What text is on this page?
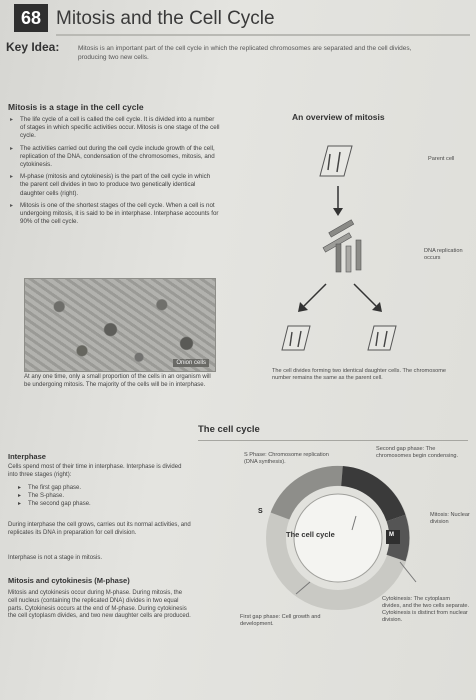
68 Mitosis and the Cell Cycle
Key Idea:	Mitosis is an important part of the cell cycle in which the replicated chromosomes are separated and the cell divides, producing two new cells.
Mitosis is a stage in the cell cycle
▸ The life cycle of a cell is called the cell cycle. It is divided into a number of stages in which specific activities occur. Mitosis is one stage of the cell cycle.
▸ The activities carried out during the cell cycle include growth of the cell, replication of the DNA, condensation of the chromosomes, mitosis, and cytokinesis.
▸ M-phase (mitosis and cytokinesis) is the part of the cell cycle in which the parent cell divides in two to produce two genetically identical daughter cells (right).
▸ Mitosis is one of the shortest stages of the cell cycle. When a cell is not undergoing mitosis, it is said to be in interphase. Interphase accounts for 90% of the cell cycle.
Onion cells
At any one time, only a small proportion of the cells in an organism will be undergoing mitosis. The majority of the cells will be in interphase.
An overview of mitosis
Parent cell
DNA replication occurs
The cell divides forming two identical daughter cells. The chromosome number remains the same as the parent cell.
The cell cycle
S Phase: Chromosome replication (DNA synthesis).
Second gap phase: The chromosomes begin condensing.
Mitosis: Nuclear division
First gap phase: Cell growth and development.
Cytokinesis: The cytoplasm divides, and the two cells separate. Cytokinesis is distinct from nuclear division.
The cell cycle
S
M
Interphase
Cells spend most of their time in interphase. Interphase is divided into three stages (right):
▸ The first gap phase.
▸ The S-phase.
▸ The second gap phase.
During interphase the cell grows, carries out its normal activities, and replicates its DNA in preparation for cell division.
Interphase is not a stage in mitosis.
Mitosis and cytokinesis (M-phase)
Mitosis and cytokinesis occur during M-phase. During mitosis, the cell nucleus (containing the replicated DNA) divides in two equal parts. Cytokinesis occurs at the end of M-phase. During cytokinesis the cell cytoplasm divides, and two new daughter cells are produced.
